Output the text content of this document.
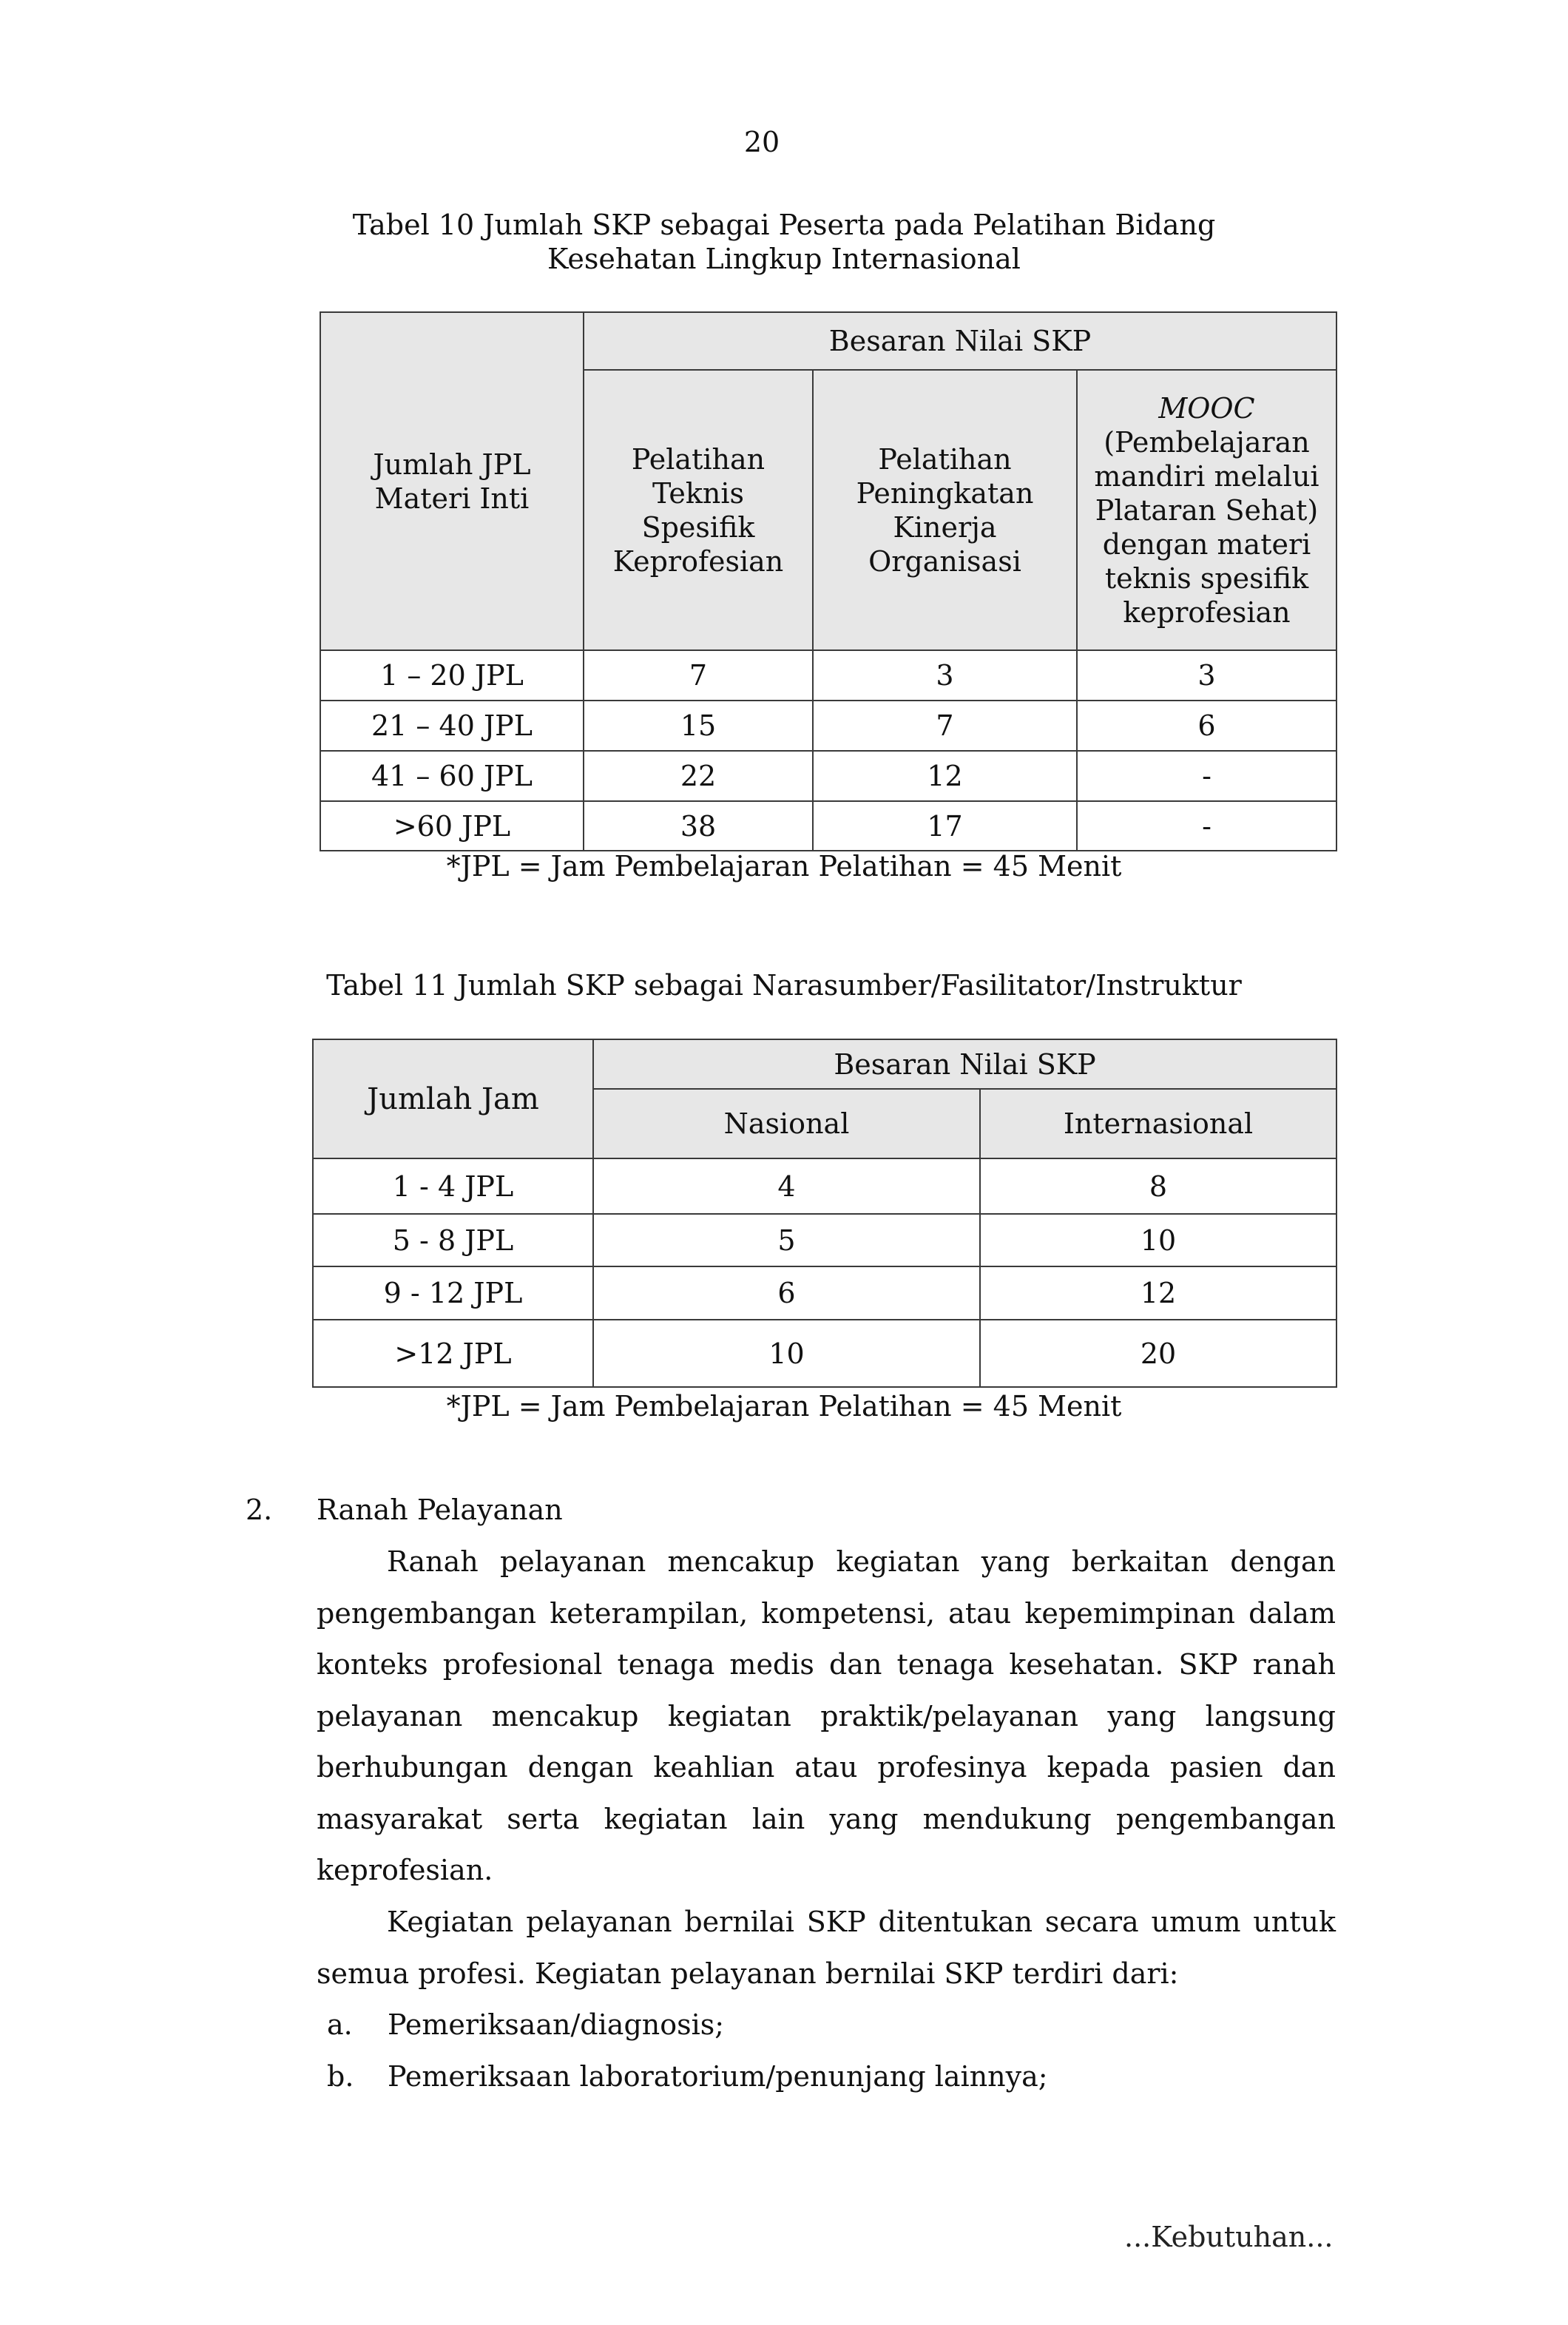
20
Tabel 10 Jumlah SKP sebagai Peserta pada Pelatihan Bidang
Kesehatan Lingkup Internasional
Jumlah JPL Materi Inti	Besaran Nilai SKP		
	Pelatihan Teknis Spesifik Keprofesian	Pelatihan Peningkatan Kinerja Organisasi	MOOC
(Pembelajaran mandiri melalui Plataran Sehat) dengan materi teknis spesifik keprofesian
1 – 20 JPL	7	3	3
21 – 40 JPL	15	7	6
41 – 60 JPL	22	12	-
>60 JPL	38	17	-
*JPL = Jam Pembelajaran Pelatihan = 45 Menit
Tabel 11 Jumlah SKP sebagai Narasumber/Fasilitator/Instruktur
Jumlah Jam	Besaran Nilai SKP	
	Nasional	Internasional
1 - 4 JPL	4	8
5 - 8 JPL	5	10
9 - 12 JPL	6	12
>12 JPL	10	20
*JPL = Jam Pembelajaran Pelatihan = 45 Menit
2. Ranah Pelayanan

Ranah pelayanan mencakup kegiatan yang berkaitan dengan pengembangan keterampilan, kompetensi, atau kepemimpinan dalam konteks profesional tenaga medis dan tenaga kesehatan. SKP ranah pelayanan mencakup kegiatan praktik/pelayanan yang langsung berhubungan dengan keahlian atau profesinya kepada pasien dan masyarakat serta kegiatan lain yang mendukung pengembangan keprofesian.

Kegiatan pelayanan bernilai SKP ditentukan secara umum untuk semua profesi. Kegiatan pelayanan bernilai SKP terdiri dari:

a. Pemeriksaan/diagnosis;
b. Pemeriksaan laboratorium/penunjang lainnya;
...Kebutuhan...
